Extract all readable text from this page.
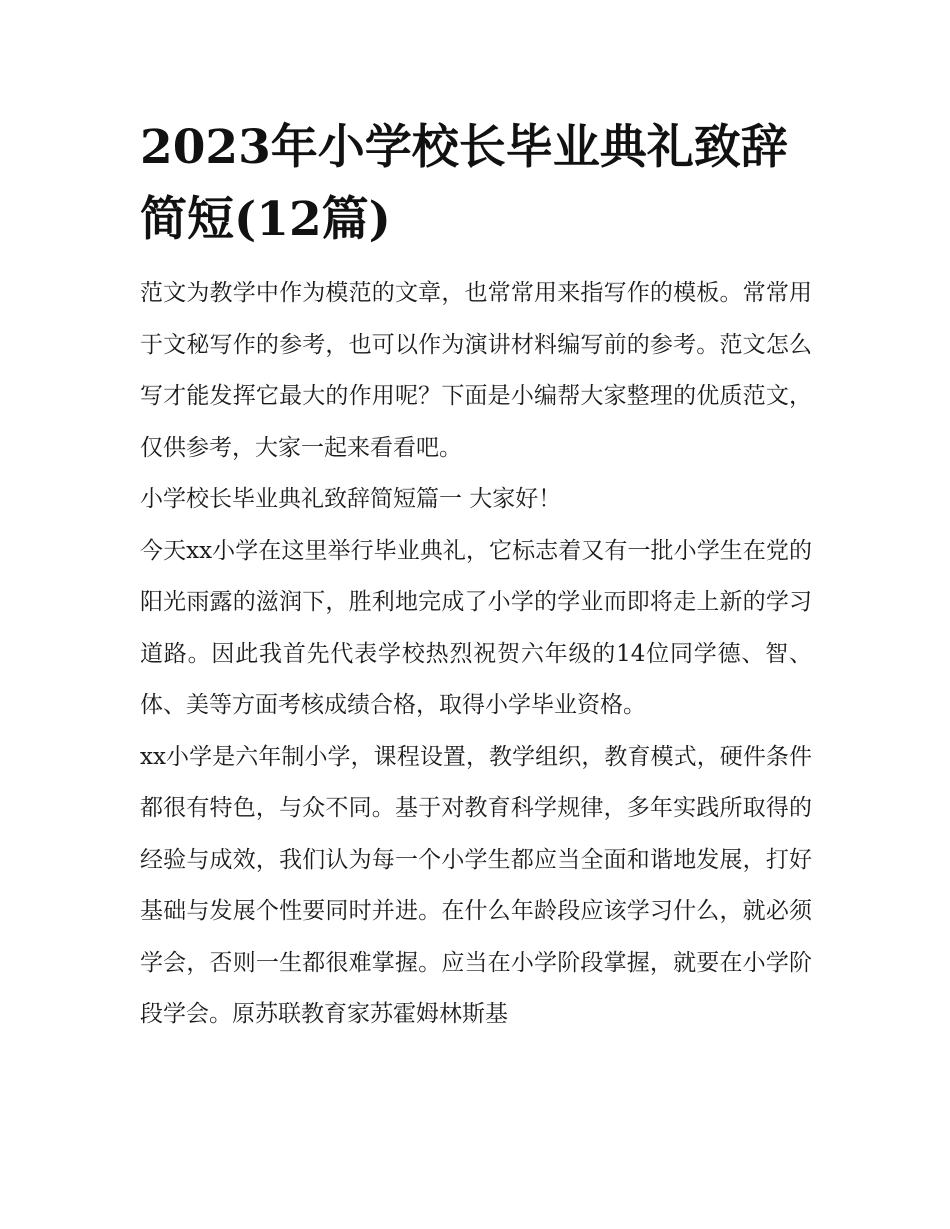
2023年小学校长毕业典礼致辞简短(12篇)

范文为教学中作为模范的文章，也常常用来指写作的模板。常常用于文秘写作的参考，也可以作为演讲材料编写前的参考。范文怎么写才能发挥它最大的作用呢？下面是小编帮大家整理的优质范文，仅供参考，大家一起来看看吧。

小学校长毕业典礼致辞简短篇一 大家好！

今天xx小学在这里举行毕业典礼，它标志着又有一批小学生在党的阳光雨露的滋润下，胜利地完成了小学的学业而即将走上新的学习道路。因此我首先代表学校热烈祝贺六年级的14位同学德、智、体、美等方面考核成绩合格，取得小学毕业资格。

xx小学是六年制小学，课程设置，教学组织，教育模式，硬件条件都很有特色，与众不同。基于对教育科学规律，多年实践所取得的经验与成效，我们认为每一个小学生都应当全面和谐地发展，打好基础与发展个性要同时并进。在什么年龄段应该学习什么，就必须学会，否则一生都很难掌握。应当在小学阶段掌握，就要在小学阶段学会。原苏联教育家苏霍姆林斯基
